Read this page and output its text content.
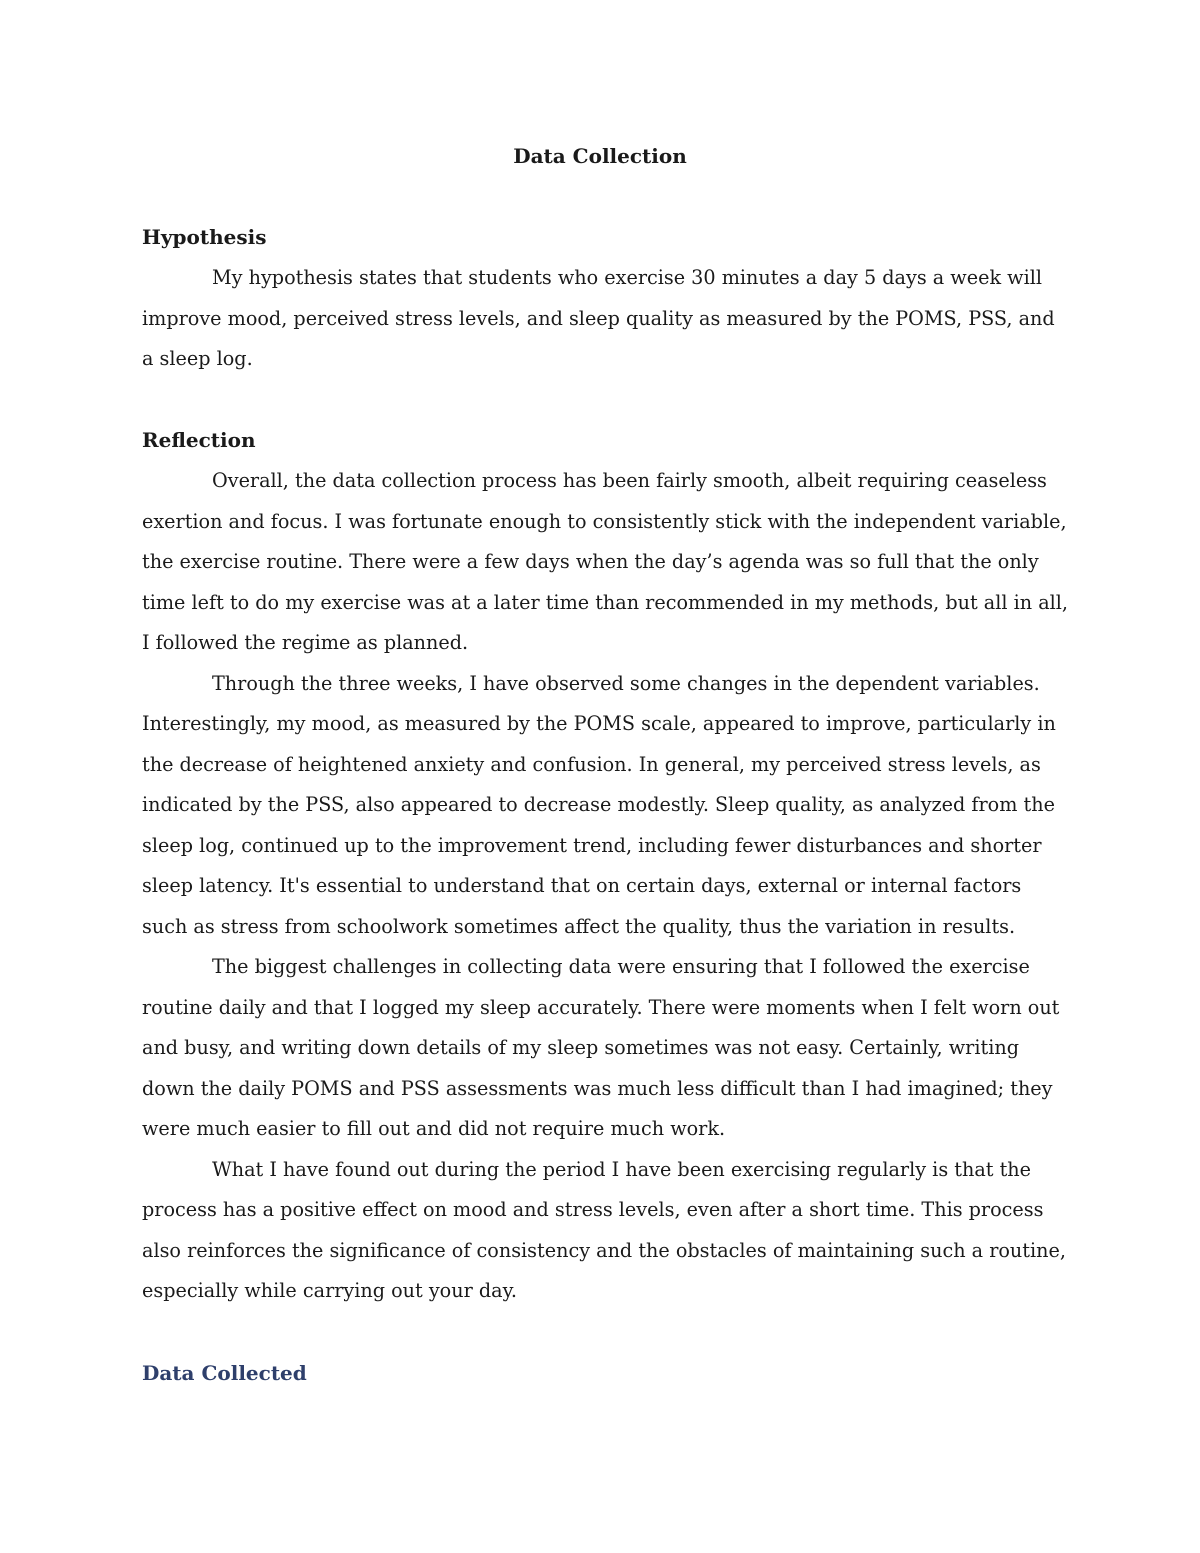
Data Collection
Hypothesis

My hypothesis states that students who exercise 30 minutes a day 5 days a week will improve mood, perceived stress levels, and sleep quality as measured by the POMS, PSS, and a sleep log.

Reflection

Overall, the data collection process has been fairly smooth, albeit requiring ceaseless exertion and focus. I was fortunate enough to consistently stick with the independent variable, the exercise routine. There were a few days when the day’s agenda was so full that the only time left to do my exercise was at a later time than recommended in my methods, but all in all, I followed the regime as planned.

Through the three weeks, I have observed some changes in the dependent variables. Interestingly, my mood, as measured by the POMS scale, appeared to improve, particularly in the decrease of heightened anxiety and confusion. In general, my perceived stress levels, as indicated by the PSS, also appeared to decrease modestly. Sleep quality, as analyzed from the sleep log, continued up to the improvement trend, including fewer disturbances and shorter sleep latency. It's essential to understand that on certain days, external or internal factors such as stress from schoolwork sometimes affect the quality, thus the variation in results.

The biggest challenges in collecting data were ensuring that I followed the exercise routine daily and that I logged my sleep accurately. There were moments when I felt worn out and busy, and writing down details of my sleep sometimes was not easy. Certainly, writing down the daily POMS and PSS assessments was much less difficult than I had imagined; they were much easier to fill out and did not require much work.

What I have found out during the period I have been exercising regularly is that the process has a positive effect on mood and stress levels, even after a short time. This process also reinforces the significance of consistency and the obstacles of maintaining such a routine, especially while carrying out your day.

Data Collected
